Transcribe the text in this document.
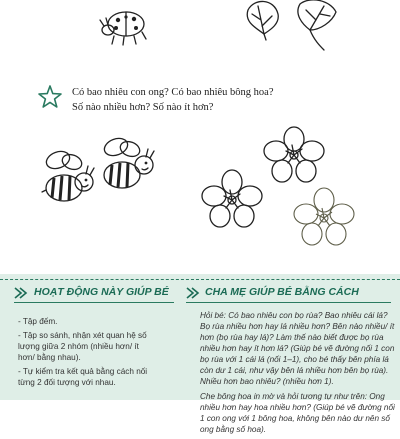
Có bao nhiêu con ong? Có bao nhiêu bông hoa?
Số nào nhiều hơn? Số nào ít hơn?
HOẠT ĐỘNG NÀY GIÚP BÉ	CHA MẸ GIÚP BÉ BẰNG CÁCH
- Tập đếm.
- Tập so sánh, nhận xét quan hệ số lượng giữa 2 nhóm (nhiều hơn/ ít hơn/ bằng nhau).
- Tự kiểm tra kết quả bằng cách nối từng 2 đối tượng với nhau.

Hỏi bé: Có bao nhiêu con bọ rùa? Bao nhiêu cái lá? Bọ rùa nhiều hơn hay lá nhiều hơn? Bên nào nhiều/ ít hơn (bọ rùa hay lá)? Làm thế nào biết được bọ rùa nhiều hơn hay ít hơn lá? (Giúp bé vẽ đường nối 1 con bọ rùa với 1 cái lá (nối 1–1), cho bé thấy bên phía lá còn dư 1 cái, như vậy bên lá nhiều hơn bên bọ rùa). Nhiều hơn bao nhiêu? (nhiều hơn 1).

Che bông hoa in mờ và hỏi tương tự như trên: Ong nhiều hơn hay hoa nhiều hơn? (Giúp bé vẽ đường nối 1 con ong với 1 bông hoa, không bên nào dư nên số ong bằng số hoa).
